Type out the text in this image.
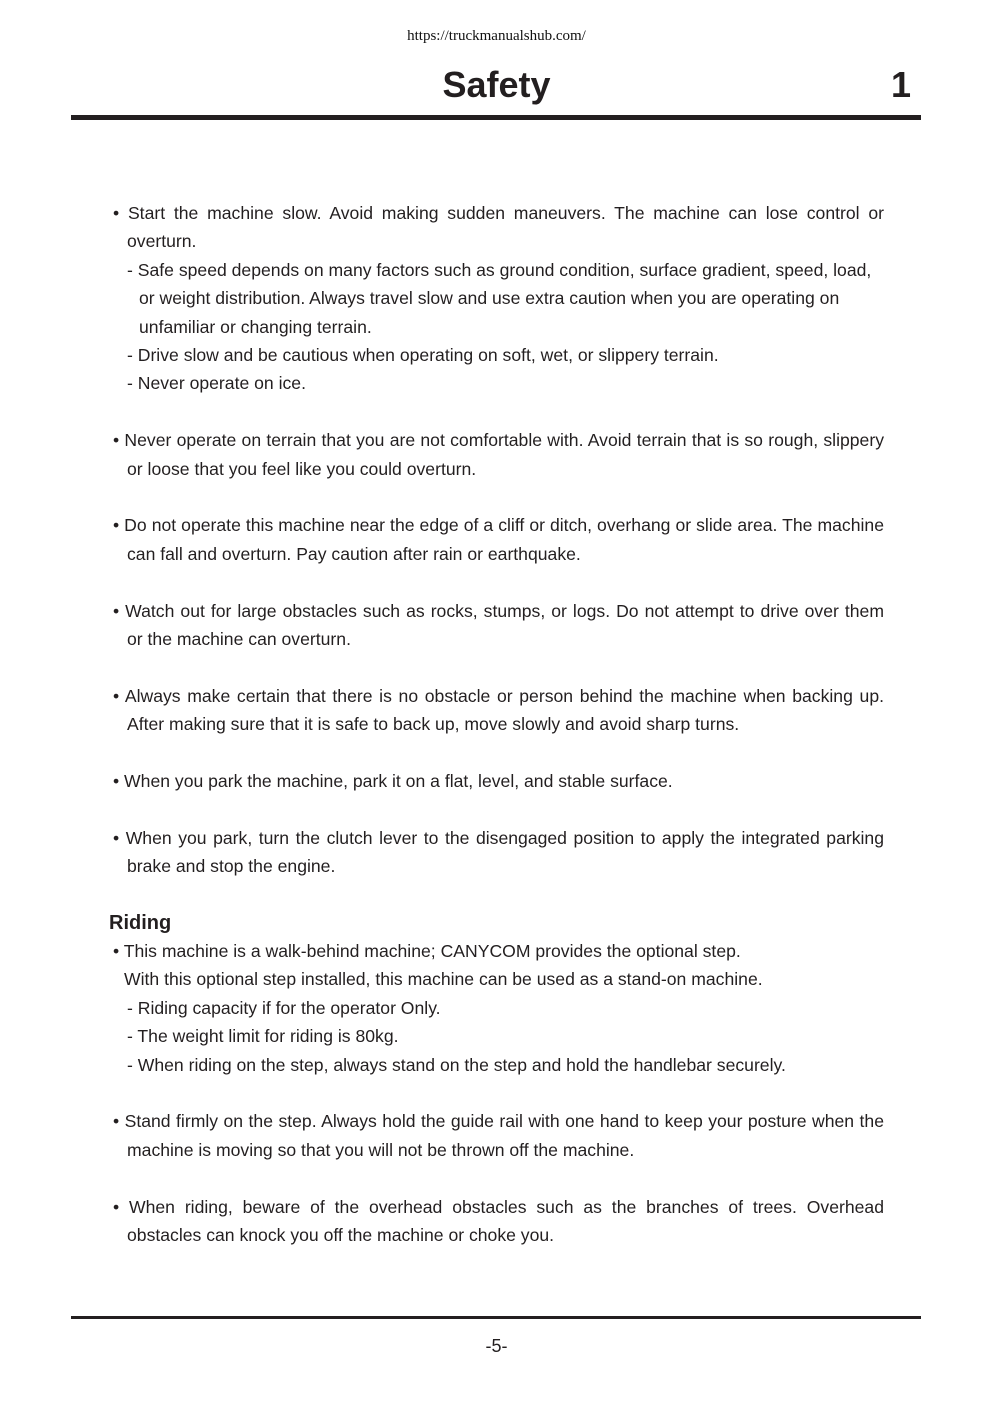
https://truckmanualshub.com/
Safety	1

• Start the machine slow. Avoid making sudden maneuvers. The machine can lose control or overturn.

- Safe speed depends on many factors such as ground condition, surface gradient, speed, load, or weight distribution. Always travel slow and use extra caution when you are operating on unfamiliar or changing terrain.

- Drive slow and be cautious when operating on soft, wet, or slippery terrain.

- Never operate on ice.

• Never operate on terrain that you are not comfortable with. Avoid terrain that is so rough, slippery or loose that you feel like you could overturn.

• Do not operate this machine near the edge of a cliff or ditch, overhang or slide area. The machine can fall and overturn. Pay caution after rain or earthquake.

• Watch out for large obstacles such as rocks, stumps, or logs. Do not attempt to drive over them or the machine can overturn.

• Always make certain that there is no obstacle or person behind the machine when backing up. After making sure that it is safe to back up, move slowly and avoid sharp turns.

• When you park the machine, park it on a flat, level, and stable surface.

• When you park, turn the clutch lever to the disengaged position to apply the integrated parking brake and stop the engine.

Riding

• This machine is a walk-behind machine; CANYCOM provides the optional step.

With this optional step installed, this machine can be used as a stand-on machine.

- Riding capacity if for the operator Only.

- The weight limit for riding is 80kg.

- When riding on the step, always stand on the step and hold the handlebar securely.

• Stand firmly on the step. Always hold the guide rail with one hand to keep your posture when the machine is moving so that you will not be thrown off the machine.

• When riding, beware of the overhead obstacles such as the branches of trees. Overhead obstacles can knock you off the machine or choke you.

-5-
